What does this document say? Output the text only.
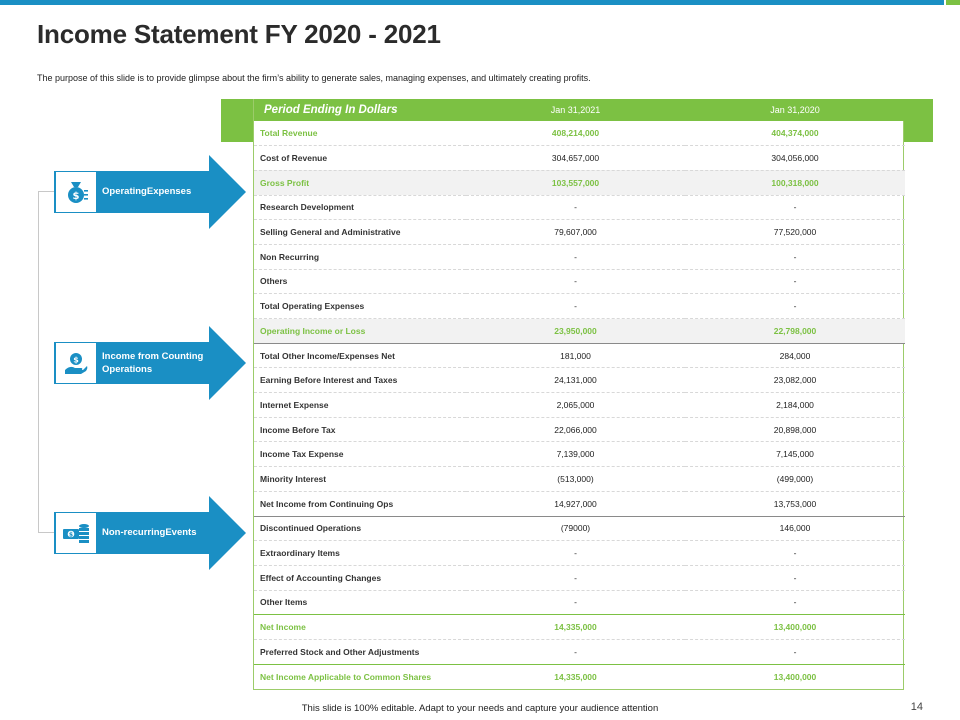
Income Statement FY 2020 - 2021

The purpose of this slide is to provide glimpse about the firm’s ability to generate sales, managing expenses, and ultimately creating profits.

Period Ending In Dollars	Jan 31,2021	Jan 31,2020
Total Revenue	408,214,000	404,374,000
Cost of Revenue	304,657,000	304,056,000
Gross Profit	103,557,000	100,318,000
Research Development	-	-
Selling General and Administrative	79,607,000	77,520,000
Non Recurring	-	-
Others	-	-
Total Operating Expenses	-	-
Operating Income or Loss	23,950,000	22,798,000
Total Other Income/Expenses Net	181,000	284,000
Earning Before Interest and Taxes	24,131,000	23,082,000
Internet Expense	2,065,000	2,184,000
Income Before Tax	22,066,000	20,898,000
Income Tax Expense	7,139,000	7,145,000
Minority Interest	(513,000)	(499,000)
Net Income from Continuing Ops	14,927,000	13,753,000
Discontinued Operations	(79000)	146,000
Extraordinary Items	-	-
Effect of Accounting Changes	-	-
Other Items	-	-
Net Income	14,335,000	13,400,000
Preferred Stock and Other Adjustments	-	-
Net Income Applicable to Common Shares	14,335,000	13,400,000
$ OperatingExpenses
$ Income from Counting Operations
$	Non-recurringEvents
This slide is 100% editable. Adapt to your needs and capture your audience attention	14
